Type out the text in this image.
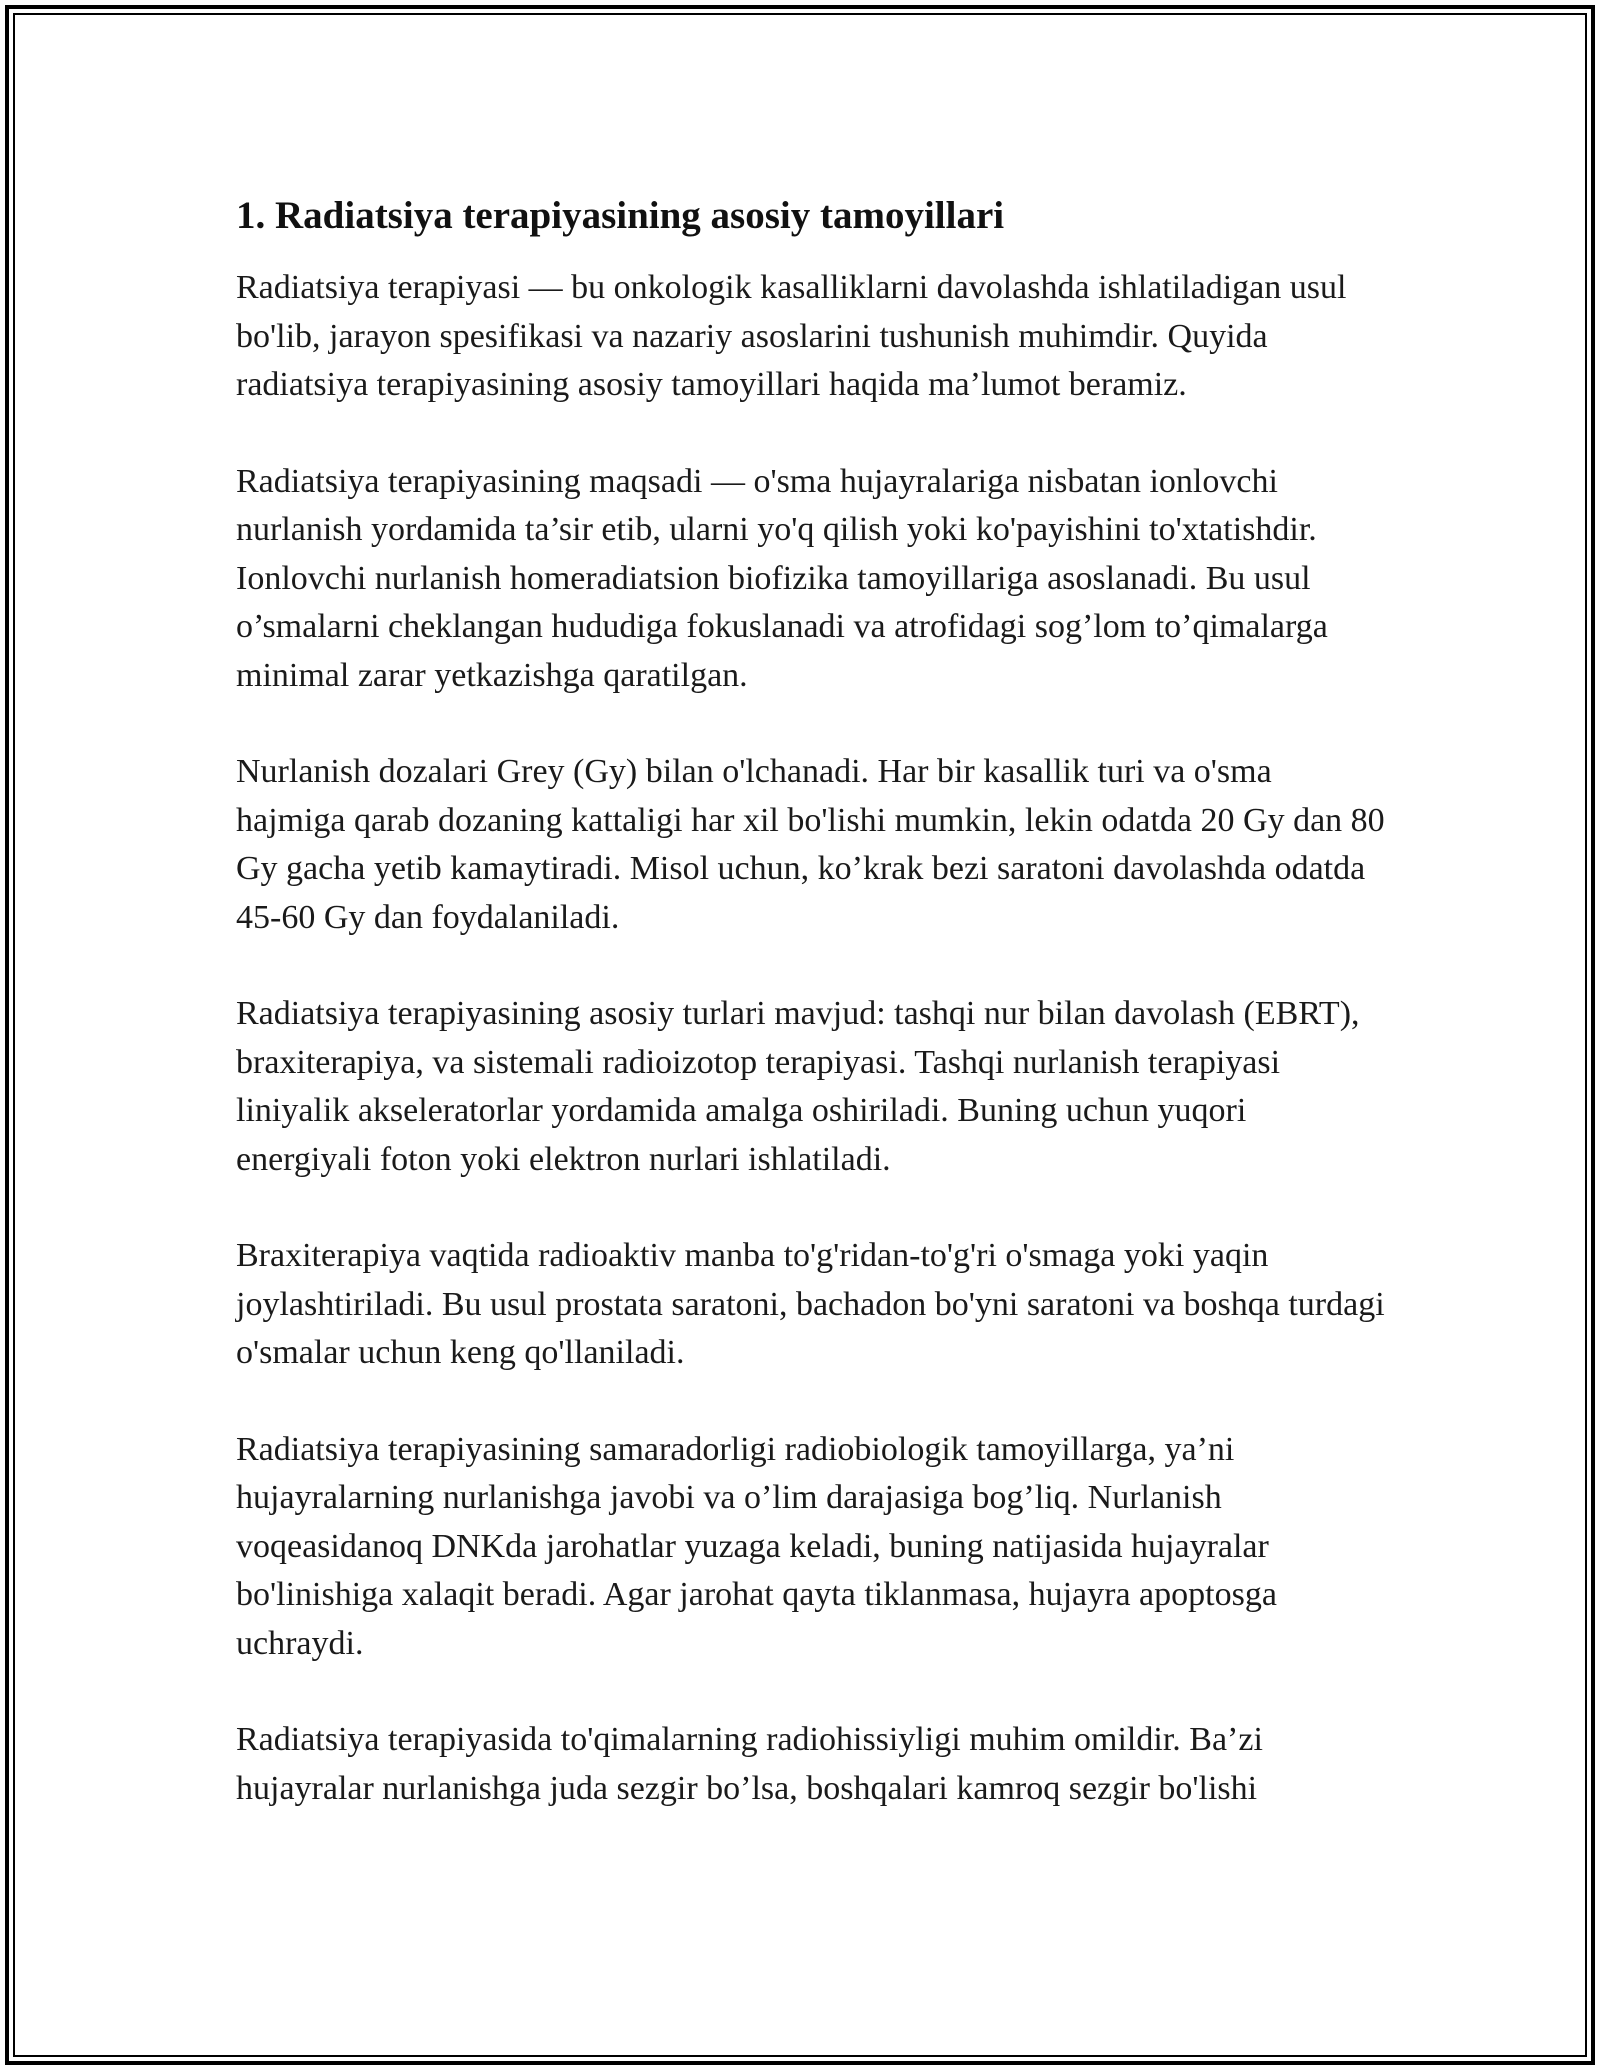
1. Radiatsiya terapiyasining asosiy tamoyillari

Radiatsiya terapiyasi — bu onkologik kasalliklarni davolashda ishlatiladigan usul bo'lib, jarayon spesifikasi va nazariy asoslarini tushunish muhimdir. Quyida radiatsiya terapiyasining asosiy tamoyillari haqida ma’lumot beramiz.

Radiatsiya terapiyasining maqsadi — o'sma hujayralariga nisbatan ionlovchi nurlanish yordamida ta’sir etib, ularni yo'q qilish yoki ko'payishini to'xtatishdir. Ionlovchi nurlanish homeradiatsion biofizika tamoyillariga asoslanadi. Bu usul o’smalarni cheklangan hududiga fokuslanadi va atrofidagi sog’lom to’qimalarga minimal zarar yetkazishga qaratilgan.

Nurlanish dozalari Grey (Gy) bilan o'lchanadi. Har bir kasallik turi va o'sma hajmiga qarab dozaning kattaligi har xil bo'lishi mumkin, lekin odatda 20 Gy dan 80 Gy gacha yetib kamaytiradi. Misol uchun, ko’krak bezi saratoni davolashda odatda 45-60 Gy dan foydalaniladi.

Radiatsiya terapiyasining asosiy turlari mavjud: tashqi nur bilan davolash (EBRT), braxiterapiya, va sistemali radioizotop terapiyasi. Tashqi nurlanish terapiyasi liniyalik akseleratorlar yordamida amalga oshiriladi. Buning uchun yuqori energiyali foton yoki elektron nurlari ishlatiladi.

Braxiterapiya vaqtida radioaktiv manba to'g'ridan-to'g'ri o'smaga yoki yaqin joylashtiriladi. Bu usul prostata saratoni, bachadon bo'yni saratoni va boshqa turdagi o'smalar uchun keng qo'llaniladi.

Radiatsiya terapiyasining samaradorligi radiobiologik tamoyillarga, ya’ni hujayralarning nurlanishga javobi va o’lim darajasiga bog’liq. Nurlanish voqeasidanoq DNKda jarohatlar yuzaga keladi, buning natijasida hujayralar bo'linishiga xalaqit beradi. Agar jarohat qayta tiklanmasa, hujayra apoptosga uchraydi.

Radiatsiya terapiyasida to'qimalarning radiohissiyligi muhim omildir. Ba’zi hujayralar nurlanishga juda sezgir bo’lsa, boshqalari kamroq sezgir bo'lishi
